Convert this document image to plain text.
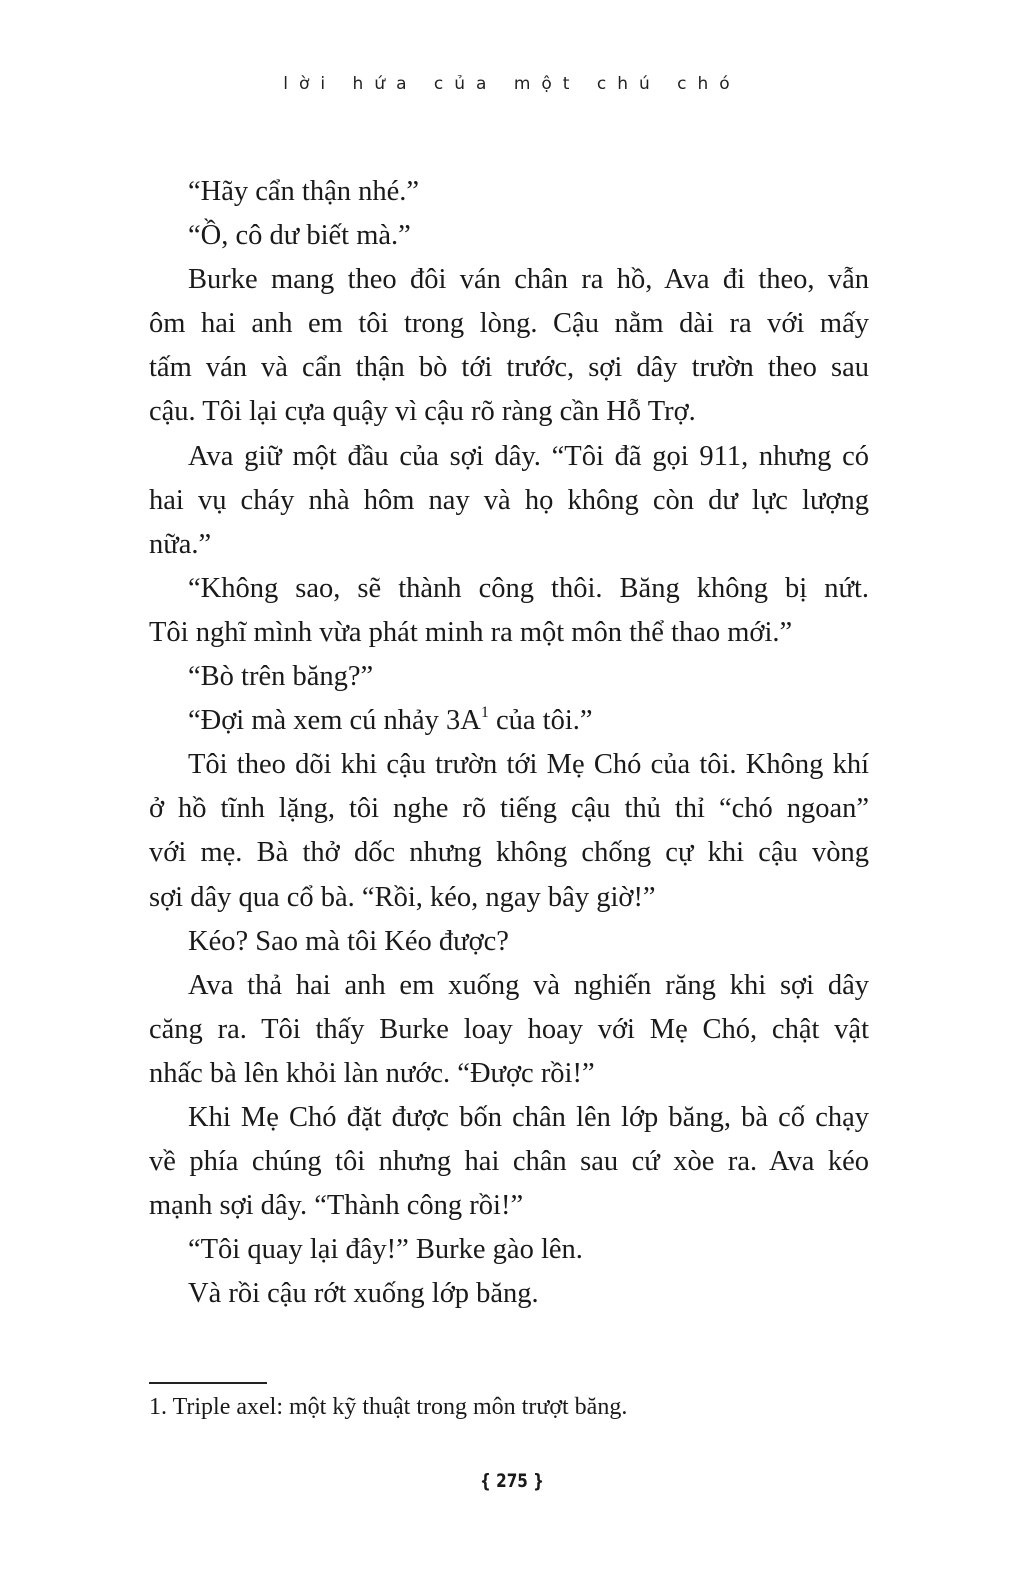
lời hứa của một chú chó
“Hãy cẩn thận nhé.”
“Ồ, cô dư biết mà.”
Burke mang theo đôi ván chân ra hồ, Ava đi theo, vẫn
ôm hai anh em tôi trong lòng. Cậu nằm dài ra với mấy
tấm ván và cẩn thận bò tới trước, sợi dây trườn theo sau
cậu. Tôi lại cựa quậy vì cậu rõ ràng cần Hỗ Trợ.
Ava giữ một đầu của sợi dây. “Tôi đã gọi 911, nhưng có
hai vụ cháy nhà hôm nay và họ không còn dư lực lượng
nữa.”
“Không sao, sẽ thành công thôi. Băng không bị nứt.
Tôi nghĩ mình vừa phát minh ra một môn thể thao mới.”
“Bò trên băng?”
“Đợi mà xem cú nhảy $3A^1$ của tôi.”
Tôi theo dõi khi cậu trườn tới Mẹ Chó của tôi. Không khí
ở hồ tĩnh lặng, tôi nghe rõ tiếng cậu thủ thỉ “chó ngoan”
với mẹ. Bà thở dốc nhưng không chống cự khi cậu vòng
sợi dây qua cổ bà. “Rồi, kéo, ngay bây giờ!”
Kéo? Sao mà tôi Kéo được?
Ava thả hai anh em xuống và nghiến răng khi sợi dây
căng ra. Tôi thấy Burke loay hoay với Mẹ Chó, chật vật
nhấc bà lên khỏi làn nước. “Được rồi!”
Khi Mẹ Chó đặt được bốn chân lên lớp băng, bà cố chạy
về phía chúng tôi nhưng hai chân sau cứ xòe ra. Ava kéo
mạnh sợi dây. “Thành công rồi!”
“Tôi quay lại đây!” Burke gào lên.
Và rồi cậu rớt xuống lớp băng.
1. Triple axel: một kỹ thuật trong môn trượt băng.
{ 275 }
